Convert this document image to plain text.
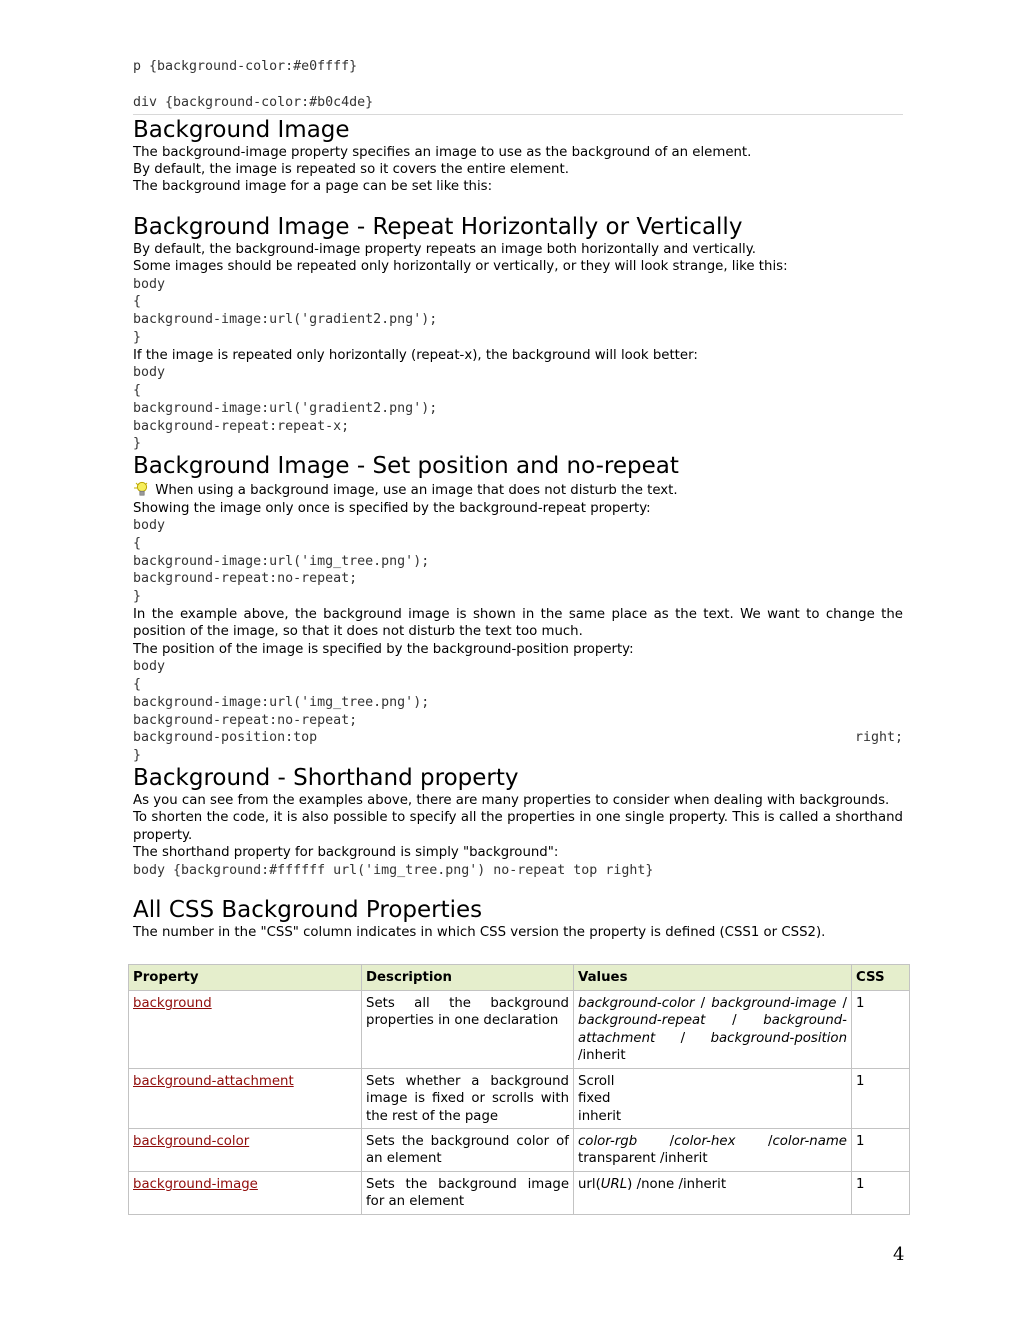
p {background-color:#e0ffff}

div {background-color:#b0c4de}

Background Image

The background-image property specifies an image to use as the background of an element.

By default, the image is repeated so it covers the entire element.

The background image for a page can be set like this:

Background Image - Repeat Horizontally or Vertically

By default, the background-image property repeats an image both horizontally and vertically.

Some images should be repeated only horizontally or vertically, or they will look strange, like this:

body

{

background-image:url('gradient2.png');

}

If the image is repeated only horizontally (repeat-x), the background will look better:

body

{

background-image:url('gradient2.png');

background-repeat:repeat-x;

}

Background Image - Set position and no-repeat

When using a background image, use an image that does not disturb the text.

Showing the image only once is specified by the background-repeat property:

body

{

background-image:url('img_tree.png');

background-repeat:no-repeat;

}

In the example above, the background image is shown in the same place as the text. We want to change the position of the image, so that it does not disturb the text too much.

The position of the image is specified by the background-position property:

body

{

background-image:url('img_tree.png');

background-repeat:no-repeat;

background-position:top	right;

}

Background - Shorthand property

As you can see from the examples above, there are many properties to consider when dealing with backgrounds.

To shorten the code, it is also possible to specify all the properties in one single property. This is called a shorthand property.

The shorthand property for background is simply "background":

body {background:#ffffff url('img_tree.png') no-repeat top right}

All CSS Background Properties

The number in the "CSS" column indicates in which CSS version the property is defined (CSS1 or CSS2).

Property	Description	Values	CSS
background	Sets all the background properties in one declaration	background-color / background-image / background-repeat / background-attachment / background-position /inherit	1
background-attachment	Sets whether a background image is fixed or scrolls with the rest of the page	Scroll
fixed
inherit	1
background-color	Sets the background color of an element	color-rgb /color-hex /color-name transparent /inherit	1
background-image	Sets the background image for an element	url(URL) /none /inherit	1
4
